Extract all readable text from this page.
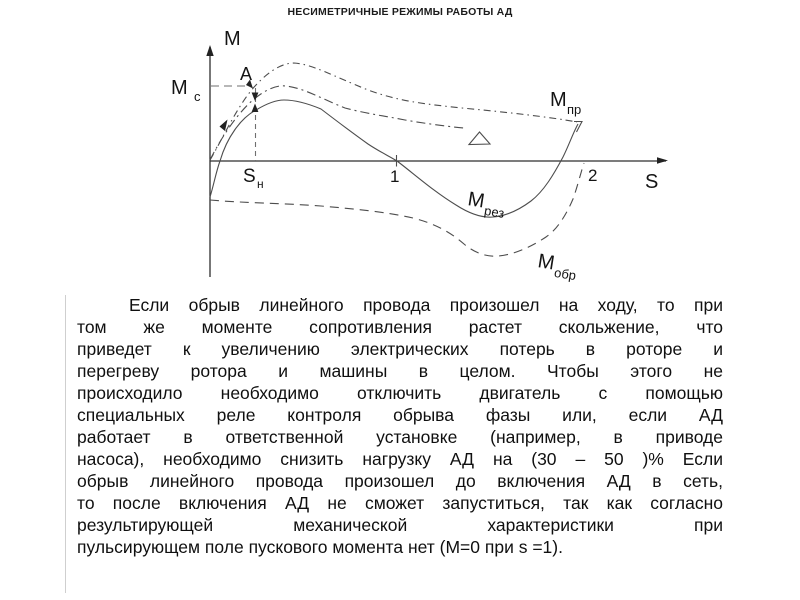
НЕСИМЕТРИЧНЫЕ РЕЖИМЫ РАБОТЫ АД
М
S
М с
А
S н	1	2
М пр
М
рез
М
обр
Если обрыв линейного провода произошел на ходу, то при
том же моменте сопротивления растет скольжение, что
приведет к увеличению электрических потерь в роторе и
перегреву ротора и машины в целом. Чтобы этого не
происходило необходимо отключить двигатель с помощью
специальных реле контроля обрыва фазы или, если АД
работает в ответственной установке (например, в приводе
насоса), необходимо снизить нагрузку АД на (30 – 50 )% Если
обрыв линейного провода произошел до включения АД в сеть,
то после включения АД не сможет запуститься, так как согласно
результирующей механической характеристики при
пульсирующем поле пускового момента нет (М=0 при s =1).
